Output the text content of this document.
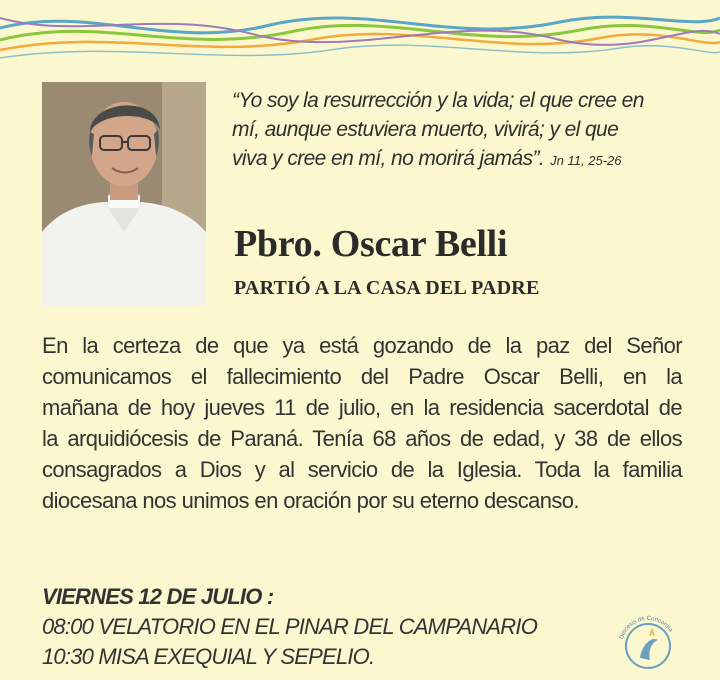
“Yo soy la resurrección y la vida; el que cree en
mí, aunque estuviera muerto, vivirá; y el que
viva y cree en mí, no morirá jamás”. Jn 11, 25-26

Pbro. Oscar Belli
PARTIÓ A LA CASA DEL PADRE

En la certeza de que ya está gozando de la paz del Señor
comunicamos el fallecimiento del Padre Oscar Belli, en la
mañana de hoy jueves 11 de julio, en la residencia sacerdotal de
la arquidiócesis de Paraná. Tenía 68 años de edad, y 38 de ellos
consagrados a Dios y al servicio de la Iglesia. Toda la familia
diocesana nos unimos en oración por su eterno descanso.

VIERNES 12 DE JULIO :
08:00 VELATORIO EN EL PINAR DEL CAMPANARIO
10:30 MISA EXEQUIAL Y SEPELIO.
Diócesis de Concordia
